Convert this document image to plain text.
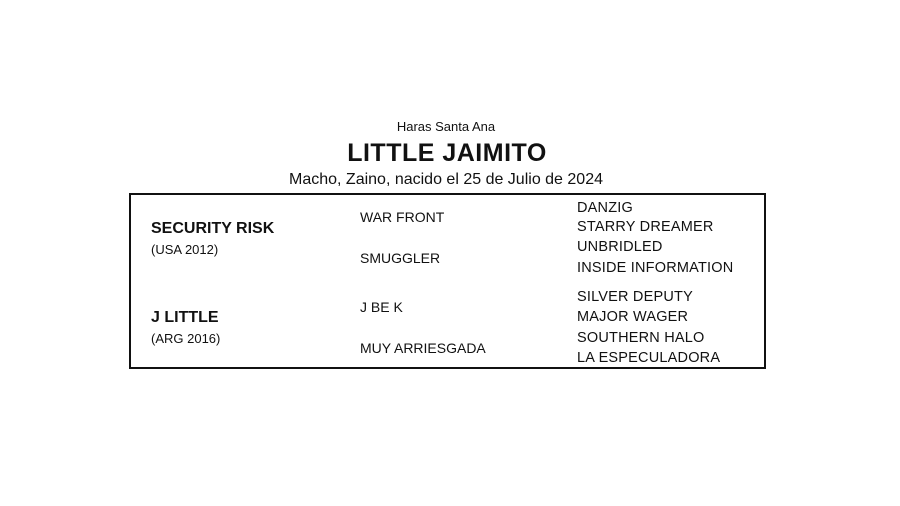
Haras Santa Ana
LITTLE JAIMITO
Macho, Zaino, nacido el 25 de Julio de 2024
SECURITY RISK
(USA 2012)
J LITTLE
(ARG 2016)
WAR FRONT
SMUGGLER
J BE K
MUY ARRIESGADA
DANZIG
STARRY DREAMER
UNBRIDLED
INSIDE INFORMATION
SILVER DEPUTY
MAJOR WAGER
SOUTHERN HALO
LA ESPECULADORA
